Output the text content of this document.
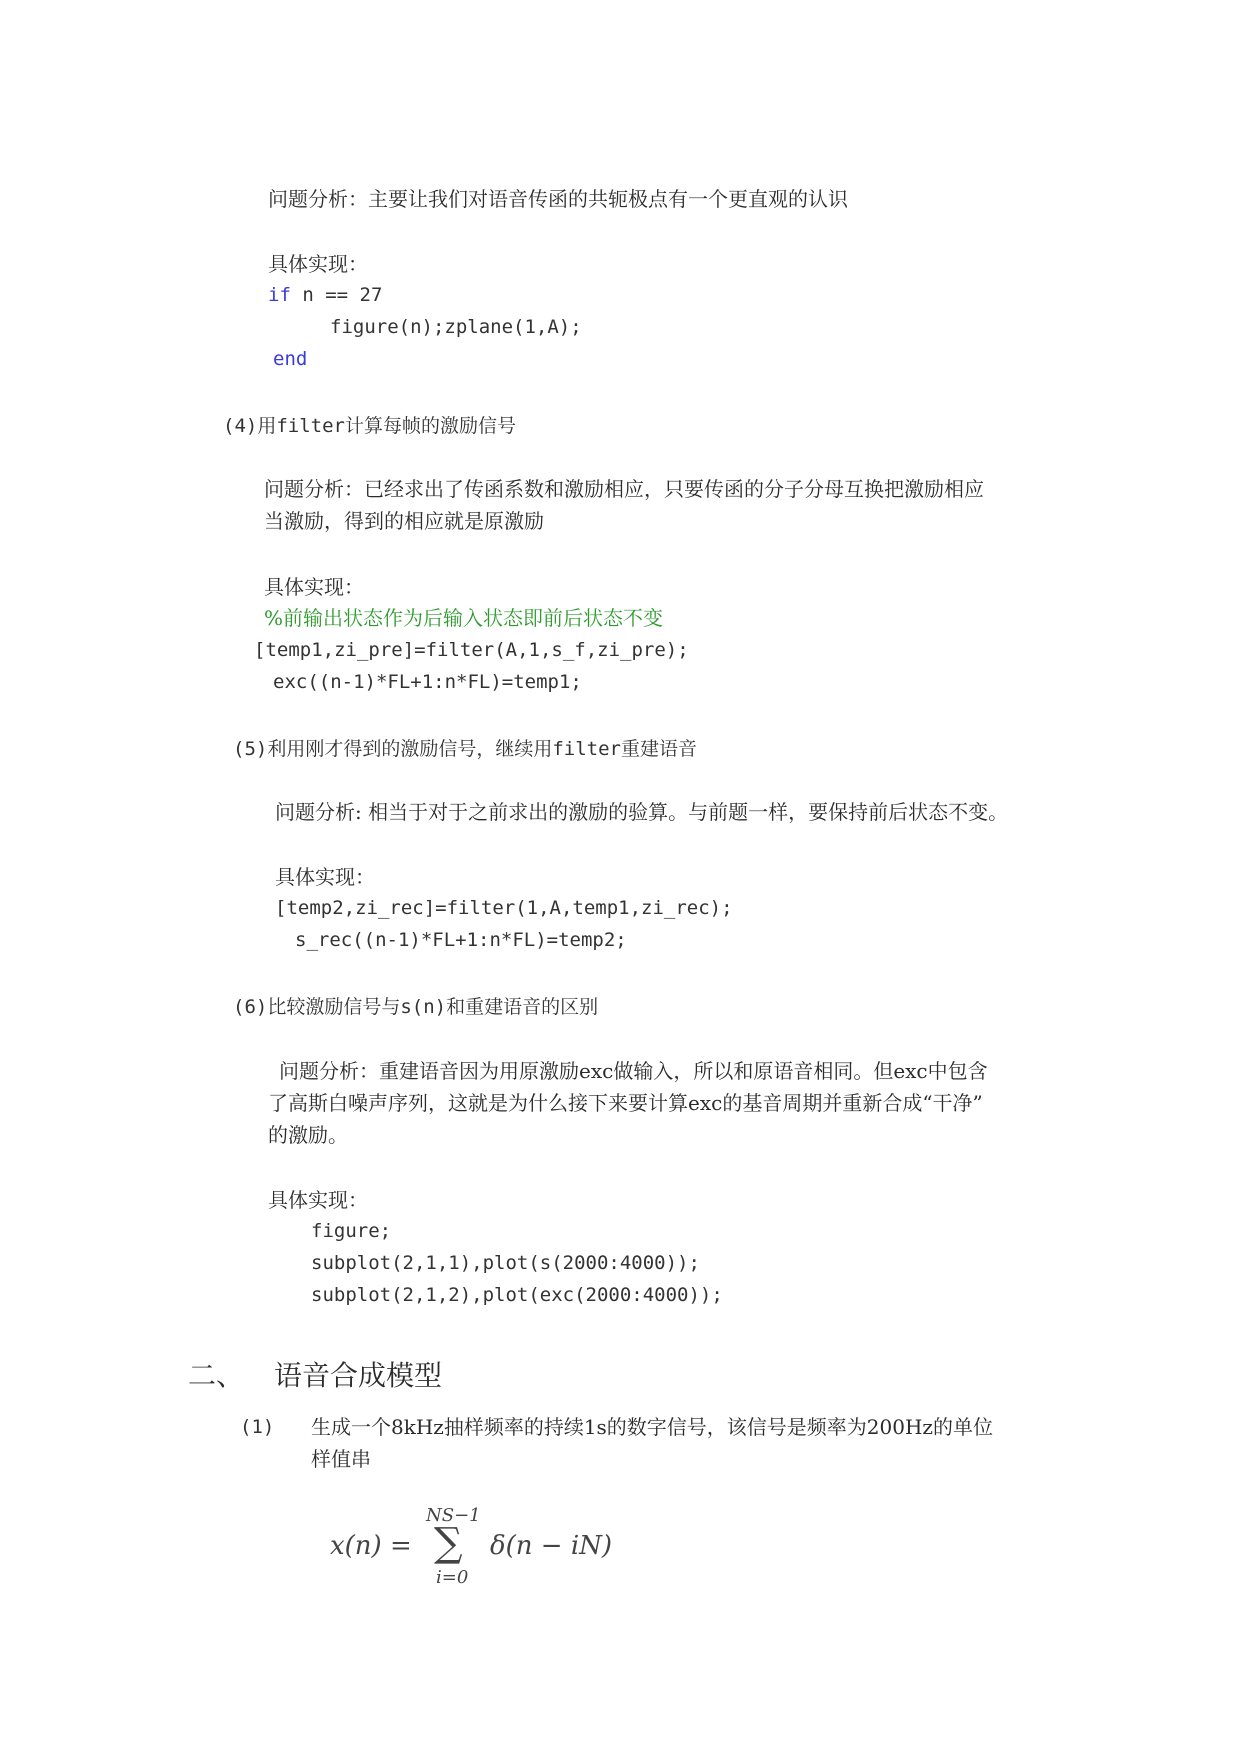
问题分析：主要让我们对语音传函的共轭极点有一个更直观的认识
具体实现：
if n == 27
figure(n);zplane(1,A);
end
(4)用filter计算每帧的激励信号
问题分析：已经求出了传函系数和激励相应，只要传函的分子分母互换把激励相应
当激励，得到的相应就是原激励
具体实现：
%前输出状态作为后输入状态即前后状态不变
[temp1,zi_pre]=filter(A,1,s_f,zi_pre);
exc((n-1)*FL+1:n*FL)=temp1;
(5)利用刚才得到的激励信号，继续用filter重建语音
问题分析: 相当于对于之前求出的激励的验算。与前题一样，要保持前后状态不变。
具体实现：
[temp2,zi_rec]=filter(1,A,temp1,zi_rec);
s_rec((n-1)*FL+1:n*FL)=temp2;
(6)比较激励信号与s(n)和重建语音的区别
问题分析：重建语音因为用原激励exc做输入，所以和原语音相同。但exc中包含
了高斯白噪声序列，这就是为什么接下来要计算exc的基音周期并重新合成“干净”
的激励。
具体实现：
figure;
subplot(2,1,1),plot(s(2000:4000));
subplot(2,1,2),plot(exc(2000:4000));
二、 语音合成模型
(1) 生成一个8kHz抽样频率的持续1s的数字信号，该信号是频率为200Hz的单位
样值串
x(n) =
NS−1
∑
i=0
δ(n − iN)
